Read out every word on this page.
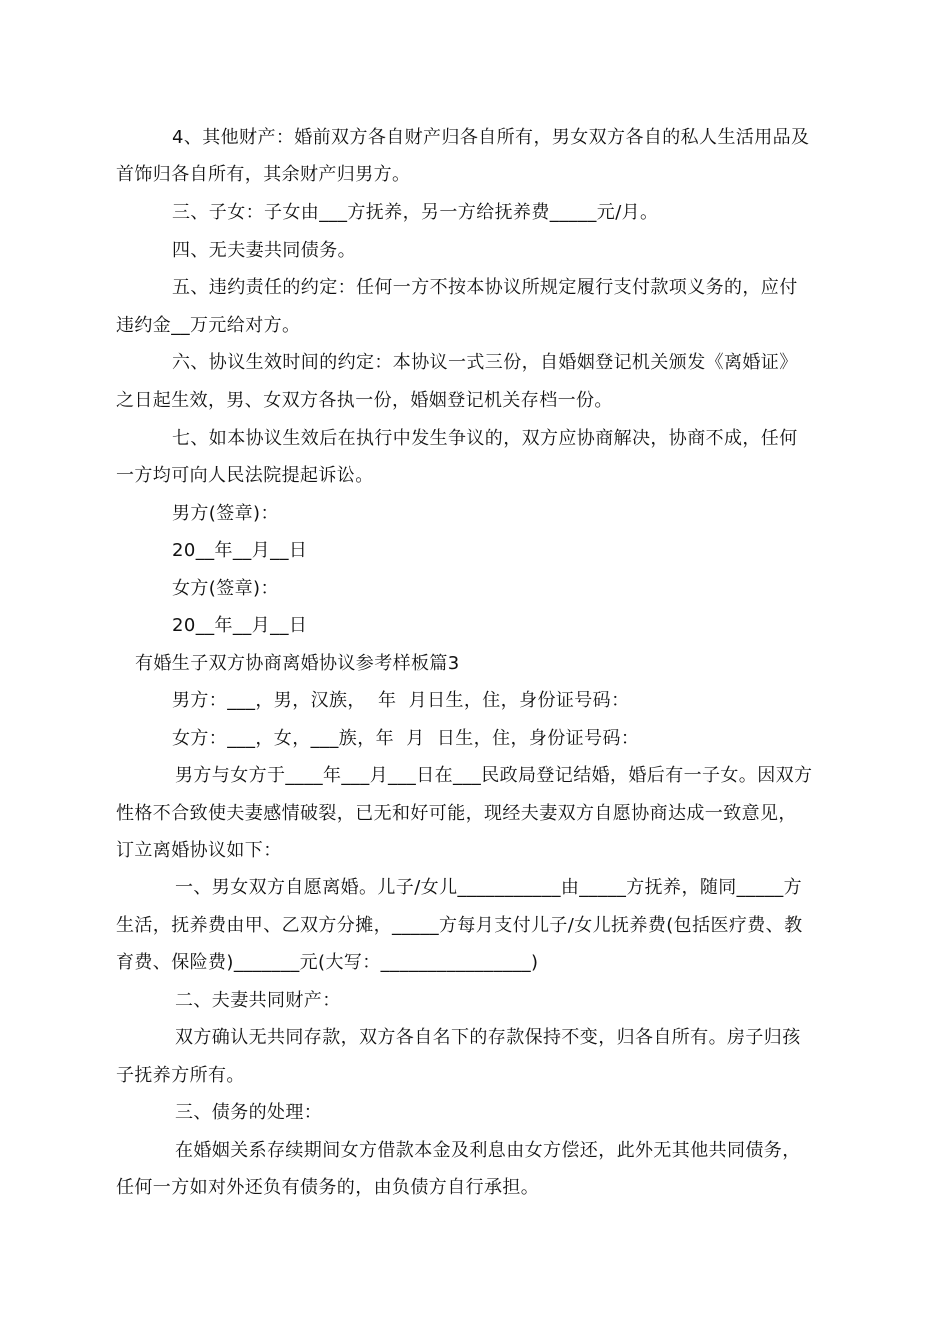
4、其他财产：婚前双方各自财产归各自所有，男女双方各自的私人生活用品及
首饰归各自所有，其余财产归男方。
三、子女：子女由___方抚养，另一方给抚养费_____元/月。
四、无夫妻共同债务。
五、违约责任的约定：任何一方不按本协议所规定履行支付款项义务的，应付
违约金__万元给对方。
六、协议生效时间的约定：本协议一式三份，自婚姻登记机关颁发《离婚证》
之日起生效，男、女双方各执一份，婚姻登记机关存档一份。
七、如本协议生效后在执行中发生争议的，双方应协商解决，协商不成，任何
一方均可向人民法院提起诉讼。
男方(签章)：
20__年__月__日
女方(签章)：
20__年__月__日
有婚生子双方协商离婚协议参考样板篇3
男方：___，男，汉族，  年  月日生，住，身份证号码：
女方：___，女，___族，年  月  日生，住，身份证号码：
男方与女方于____年___月___日在___民政局登记结婚，婚后有一子女。因双方
性格不合致使夫妻感情破裂，已无和好可能，现经夫妻双方自愿协商达成一致意见，
订立离婚协议如下：
一、男女双方自愿离婚。儿子/女儿___________由_____方抚养，随同_____方
生活，抚养费由甲、乙双方分摊，_____方每月支付儿子/女儿抚养费(包括医疗费、教
育费、保险费)_______元(大写：________________)
二、夫妻共同财产：
双方确认无共同存款，双方各自名下的存款保持不变，归各自所有。房子归孩
子抚养方所有。
三、债务的处理：
在婚姻关系存续期间女方借款本金及利息由女方偿还，此外无其他共同债务，
任何一方如对外还负有债务的，由负债方自行承担。
